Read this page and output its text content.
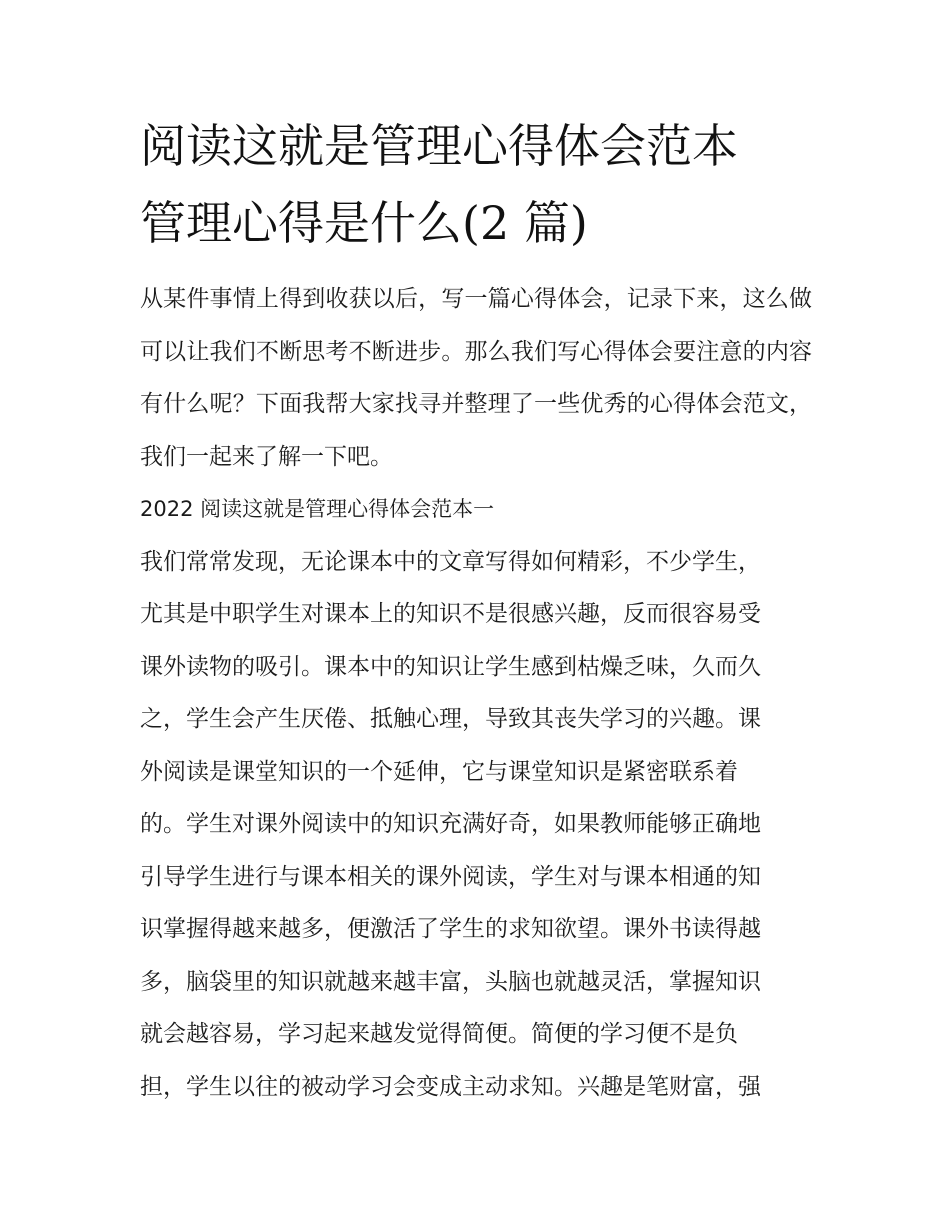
阅读这就是管理心得体会范本
管理心得是什么(2 篇)

从某件事情上得到收获以后，写一篇心得体会，记录下来，这么做可以让我们不断思考不断进步。那么我们写心得体会要注意的内容有什么呢？下面我帮大家找寻并整理了一些优秀的心得体会范文，我们一起来了解一下吧。

2022 阅读这就是管理心得体会范本一
我们常常发现，无论课本中的文章写得如何精彩，不少学生，
尤其是中职学生对课本上的知识不是很感兴趣，反而很容易受
课外读物的吸引。课本中的知识让学生感到枯燥乏味，久而久
之，学生会产生厌倦、抵触心理，导致其丧失学习的兴趣。课
外阅读是课堂知识的一个延伸，它与课堂知识是紧密联系着
的。学生对课外阅读中的知识充满好奇，如果教师能够正确地
引导学生进行与课本相关的课外阅读，学生对与课本相通的知
识掌握得越来越多，便激活了学生的求知欲望。课外书读得越
多，脑袋里的知识就越来越丰富，头脑也就越灵活，掌握知识
就会越容易，学习起来越发觉得简便。简便的学习便不是负
担，学生以往的被动学习会变成主动求知。兴趣是笔财富，强
